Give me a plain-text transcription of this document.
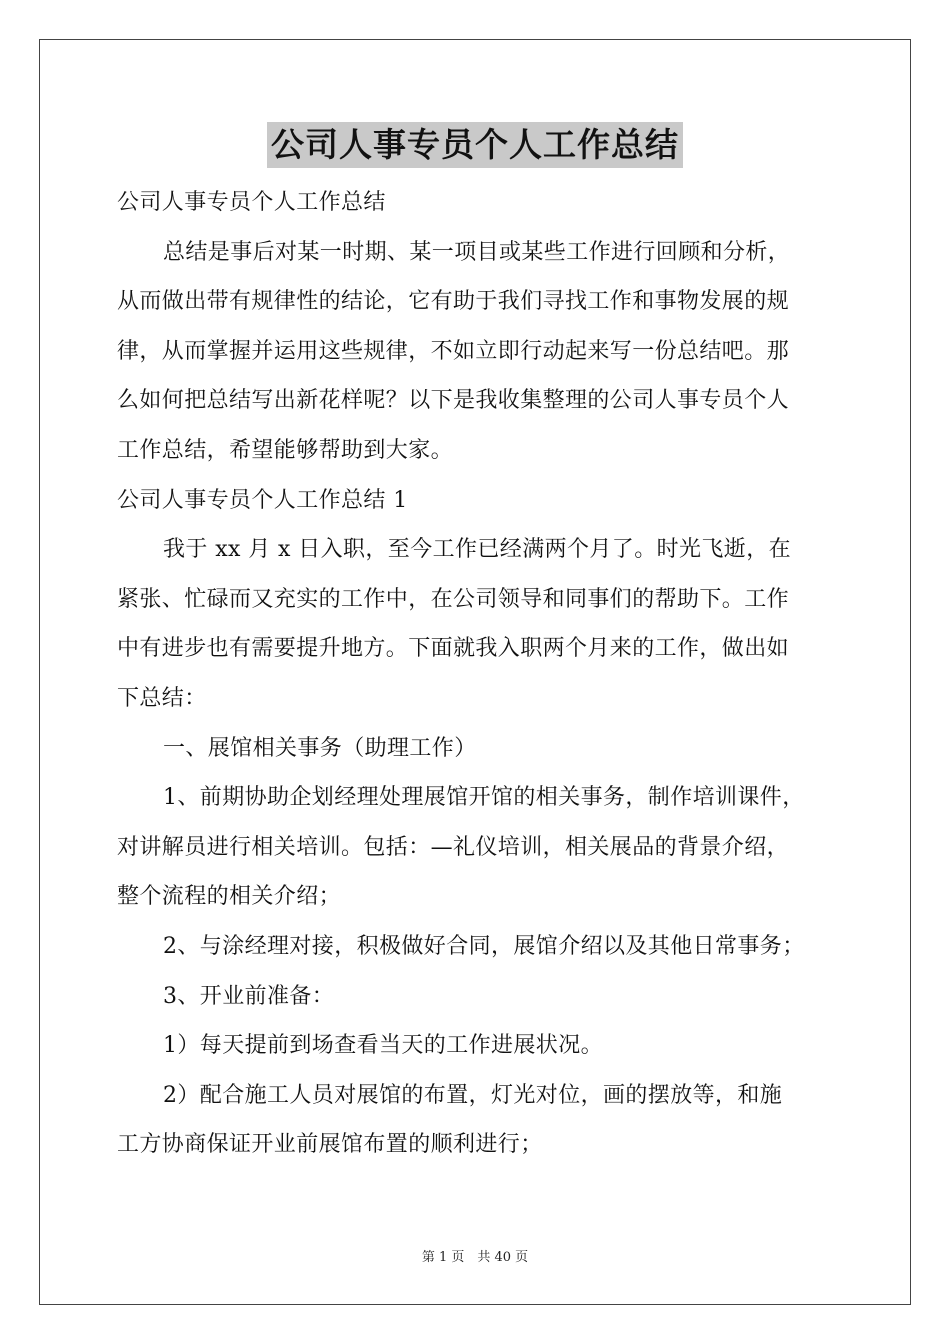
公司人事专员个人工作总结
公司人事专员个人工作总结
总结是事后对某一时期、某一项目或某些工作进行回顾和分析，
从而做出带有规律性的结论，它有助于我们寻找工作和事物发展的规
律，从而掌握并运用这些规律，不如立即行动起来写一份总结吧。那
么如何把总结写出新花样呢？以下是我收集整理的公司人事专员个人
工作总结，希望能够帮助到大家。
公司人事专员个人工作总结 1
我于 xx 月 x 日入职，至今工作已经满两个月了。时光飞逝，在
紧张、忙碌而又充实的工作中，在公司领导和同事们的帮助下。工作
中有进步也有需要提升地方。下面就我入职两个月来的工作，做出如
下总结：
一、展馆相关事务（助理工作）
1、前期协助企划经理处理展馆开馆的相关事务，制作培训课件，
对讲解员进行相关培训。包括：—礼仪培训，相关展品的背景介绍，
整个流程的相关介绍；
2、与涂经理对接，积极做好合同，展馆介绍以及其他日常事务；
3、开业前准备：
1）每天提前到场查看当天的工作进展状况。
2）配合施工人员对展馆的布置，灯光对位，画的摆放等，和施
工方协商保证开业前展馆布置的顺利进行；
第 1 页　共 40 页
